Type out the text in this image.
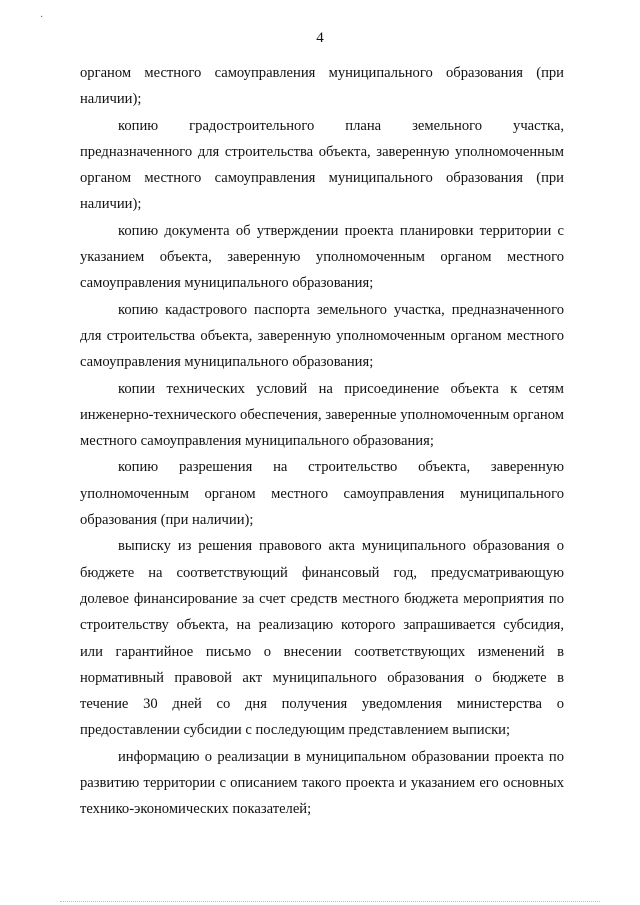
·
4

органом местного самоуправления муниципального образования (при наличии);

копию градостроительного плана земельного участка, предназначенного для строительства объекта, заверенную уполномоченным органом местного самоуправления муниципального образования (при наличии);

копию документа об утверждении проекта планировки территории с указанием объекта, заверенную уполномоченным органом местного самоуправления муниципального образования;

копию кадастрового паспорта земельного участка, предназначенного для строительства объекта, заверенную уполномоченным органом местного самоуправления муниципального образования;

копии технических условий на присоединение объекта к сетям инженерно-технического обеспечения, заверенные уполномоченным органом местного самоуправления муниципального образования;

копию разрешения на строительство объекта, заверенную уполномоченным органом местного самоуправления муниципального образования (при наличии);

выписку из решения правового акта муниципального образования о бюджете на соответствующий финансовый год, предусматривающую долевое финансирование за счет средств местного бюджета мероприятия по строительству объекта, на реализацию которого запрашивается субсидия, или гарантийное письмо о внесении соответствующих изменений в нормативный правовой акт муниципального образования о бюджете в течение 30 дней со дня получения уведомления министерства о предоставлении субсидии с последующим представлением выписки;

информацию о реализации в муниципальном образовании проекта по развитию территории с описанием такого проекта и указанием его основных технико-экономических показателей;
